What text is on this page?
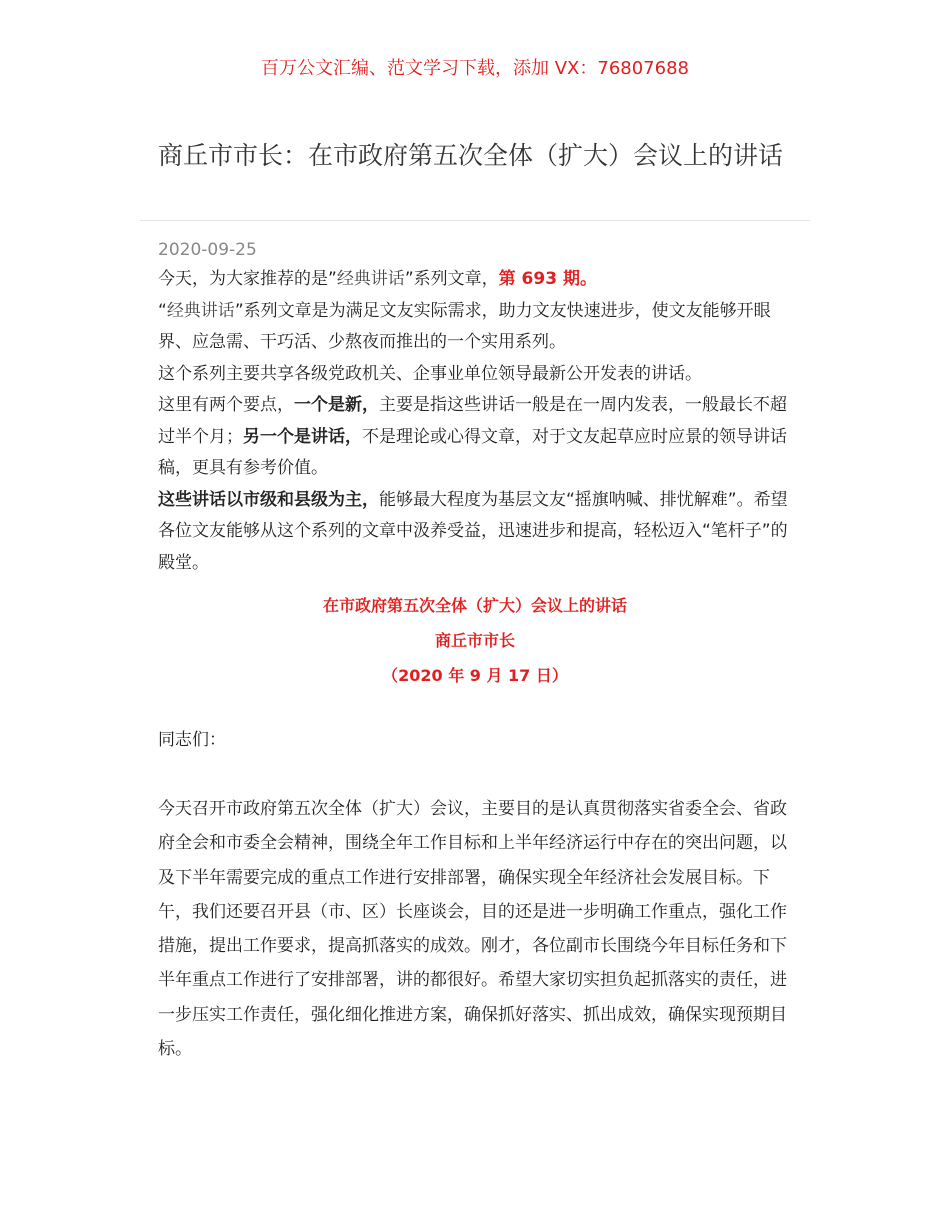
百万公文汇编、范文学习下载，添加 VX：76807688
商丘市市长：在市政府第五次全体（扩大）会议上的讲话
2020-09-25

今天，为大家推荐的是”经典讲话”系列文章，第 693 期。

“经典讲话”系列文章是为满足文友实际需求，助力文友快速进步，使文友能够开眼界、应急需、干巧活、少熬夜而推出的一个实用系列。

这个系列主要共享各级党政机关、企事业单位领导最新公开发表的讲话。

这里有两个要点，一个是新，主要是指这些讲话一般是在一周内发表，一般最长不超过半个月；另一个是讲话，不是理论或心得文章，对于文友起草应时应景的领导讲话稿，更具有参考价值。

这些讲话以市级和县级为主，能够最大程度为基层文友“摇旗呐喊、排忧解难”。希望各位文友能够从这个系列的文章中汲养受益，迅速进步和提高，轻松迈入“笔杆子”的殿堂。

在市政府第五次全体（扩大）会议上的讲话
商丘市市长
（2020 年 9 月 17 日）
同志们：

今天召开市政府第五次全体（扩大）会议，主要目的是认真贯彻落实省委全会、省政府全会和市委全会精神，围绕全年工作目标和上半年经济运行中存在的突出问题，以及下半年需要完成的重点工作进行安排部署，确保实现全年经济社会发展目标。下午，我们还要召开县（市、区）长座谈会，目的还是进一步明确工作重点，强化工作措施，提出工作要求，提高抓落实的成效。刚才，各位副市长围绕今年目标任务和下半年重点工作进行了安排部署，讲的都很好。希望大家切实担负起抓落实的责任，进一步压实工作责任，强化细化推进方案，确保抓好落实、抓出成效，确保实现预期目标。
